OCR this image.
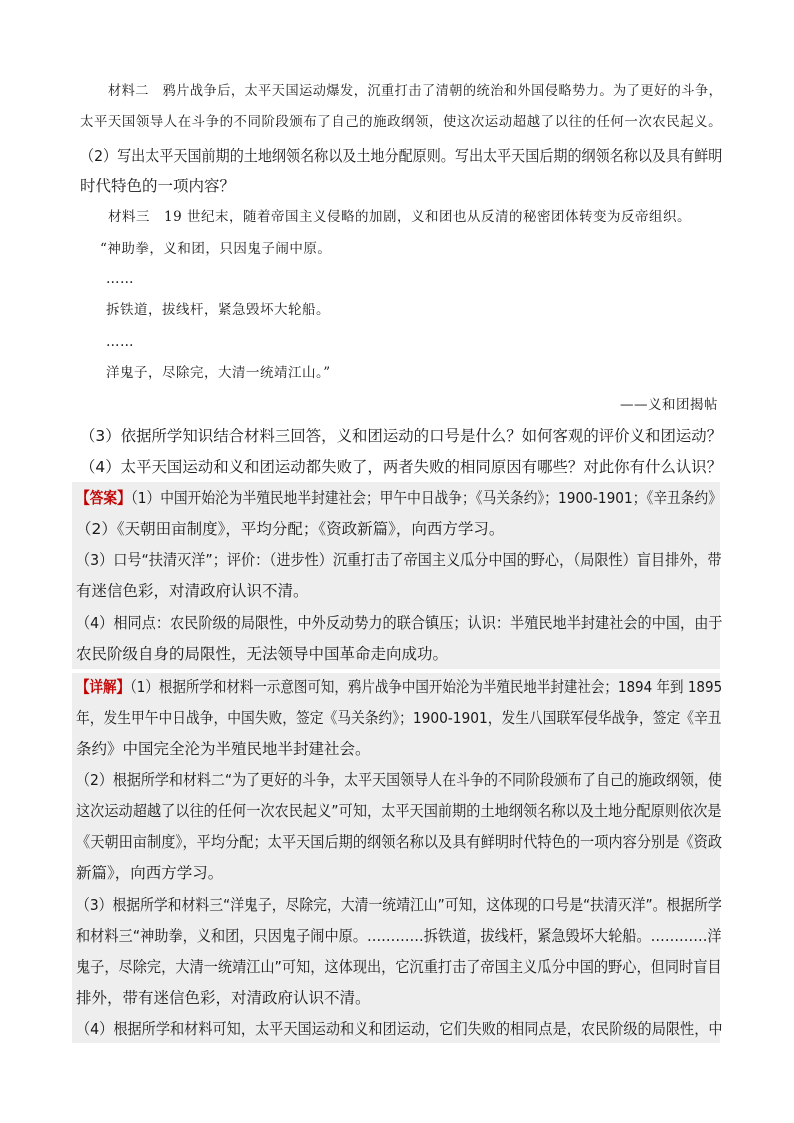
材料二　鸦片战争后，太平天国运动爆发，沉重打击了清朝的统治和外国侵略势力。为了更好的斗争，
太平天国领导人在斗争的不同阶段颁布了自己的施政纲领，使这次运动超越了以往的任何一次农民起义。
（2）写出太平天国前期的土地纲领名称以及土地分配原则。写出太平天国后期的纲领名称以及具有鲜明
时代特色的一项内容？
材料三　19 世纪末，随着帝国主义侵略的加剧，义和团也从反清的秘密团体转变为反帝组织。
“神助拳，义和团，只因鬼子闹中原。
……
拆铁道，拔线杆，紧急毁坏大轮船。
……
洋鬼子，尽除完，大清一统靖江山。”
——义和团揭帖
（3）依据所学知识结合材料三回答，义和团运动的口号是什么？如何客观的评价义和团运动？
（4）太平天国运动和义和团运动都失败了，两者失败的相同原因有哪些？对此你有什么认识？
【答案】（1）中国开始沦为半殖民地半封建社会；甲午中日战争；《马关条约》；1900-1901；《辛丑条约》
（2）《天朝田亩制度》，平均分配；《资政新篇》，向西方学习。
（3）口号“扶清灭洋”；评价：（进步性）沉重打击了帝国主义瓜分中国的野心，（局限性）盲目排外，带
有迷信色彩，对清政府认识不清。
（4）相同点：农民阶级的局限性，中外反动势力的联合镇压；认识：半殖民地半封建社会的中国，由于
农民阶级自身的局限性，无法领导中国革命走向成功。
【详解】（1）根据所学和材料一示意图可知，鸦片战争中国开始沦为半殖民地半封建社会；1894 年到 1895
年，发生甲午中日战争，中国失败，签定《马关条约》；1900-1901，发生八国联军侵华战争，签定《辛丑
条约》中国完全沦为半殖民地半封建社会。
（2）根据所学和材料二“为了更好的斗争，太平天国领导人在斗争的不同阶段颁布了自己的施政纲领，使
这次运动超越了以往的任何一次农民起义”可知，太平天国前期的土地纲领名称以及土地分配原则依次是
《天朝田亩制度》，平均分配；太平天国后期的纲领名称以及具有鲜明时代特色的一项内容分别是《资政
新篇》，向西方学习。
（3）根据所学和材料三“洋鬼子，尽除完，大清一统靖江山”可知，这体现的口号是“扶清灭洋”。根据所学
和材料三“神助拳，义和团，只因鬼子闹中原。…………拆铁道，拔线杆，紧急毁坏大轮船。…………洋
鬼子，尽除完，大清一统靖江山”可知，这体现出，它沉重打击了帝国主义瓜分中国的野心，但同时盲目
排外，带有迷信色彩，对清政府认识不清。
（4）根据所学和材料可知，太平天国运动和义和团运动，它们失败的相同点是，农民阶级的局限性，中
